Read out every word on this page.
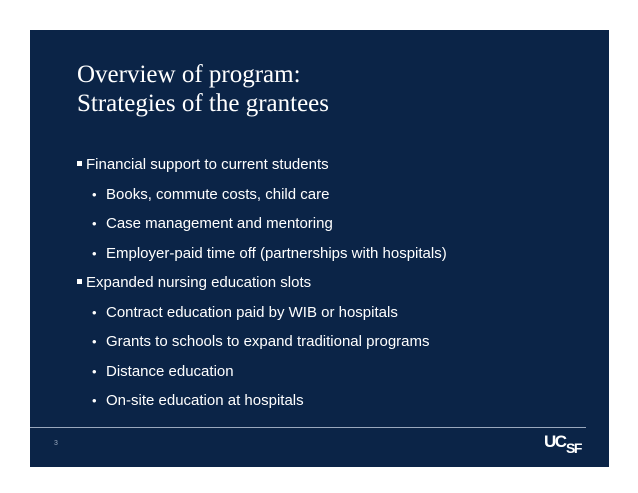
Overview of program:
Strategies of the grantees
Financial support to current students
• Books, commute costs, child care
• Case management and mentoring
• Employer-paid time off (partnerships with hospitals)
Expanded nursing education slots
• Contract education paid by WIB or hospitals
• Grants to schools to expand traditional programs
• Distance education
• On-site education at hospitals
3	UC SF
